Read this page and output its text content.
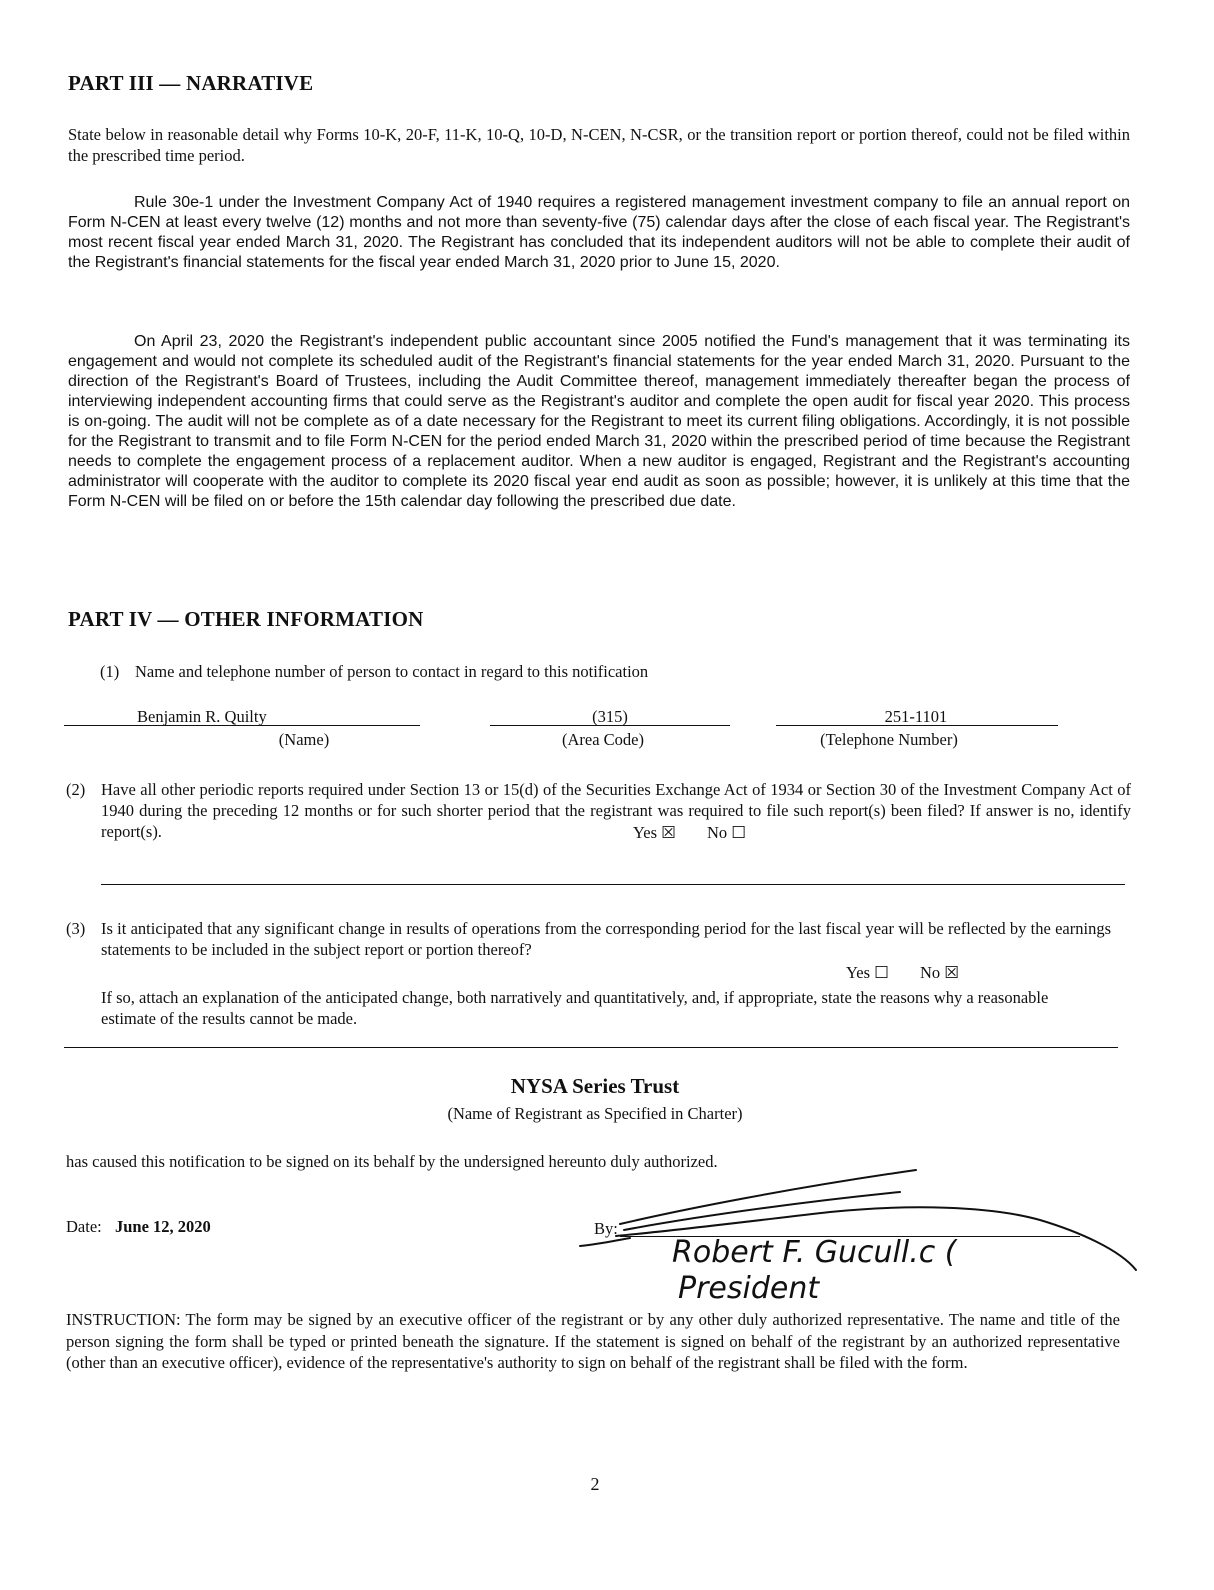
PART III — NARRATIVE
State below in reasonable detail why Forms 10-K, 20-F, 11-K, 10-Q, 10-D, N-CEN, N-CSR, or the transition report or portion thereof, could not be filed within the prescribed time period.

Rule 30e-1 under the Investment Company Act of 1940 requires a registered management investment company to file an annual report on Form N-CEN at least every twelve (12) months and not more than seventy-five (75) calendar days after the close of each fiscal year. The Registrant's most recent fiscal year ended March 31, 2020. The Registrant has concluded that its independent auditors will not be able to complete their audit of the Registrant's financial statements for the fiscal year ended March 31, 2020 prior to June 15, 2020.

On April 23, 2020 the Registrant's independent public accountant since 2005 notified the Fund's management that it was terminating its engagement and would not complete its scheduled audit of the Registrant's financial statements for the year ended March 31, 2020. Pursuant to the direction of the Registrant's Board of Trustees, including the Audit Committee thereof, management immediately thereafter began the process of interviewing independent accounting firms that could serve as the Registrant's auditor and complete the open audit for fiscal year 2020. This process is on-going. The audit will not be complete as of a date necessary for the Registrant to meet its current filing obligations. Accordingly, it is not possible for the Registrant to transmit and to file Form N-CEN for the period ended March 31, 2020 within the prescribed period of time because the Registrant needs to complete the engagement process of a replacement auditor. When a new auditor is engaged, Registrant and the Registrant's accounting administrator will cooperate with the auditor to complete its 2020 fiscal year end audit as soon as possible; however, it is unlikely at this time that the Form N-CEN will be filed on or before the 15th calendar day following the prescribed due date.

PART IV — OTHER INFORMATION
(1) Name and telephone number of person to contact in regard to this notification
Benjamin R. Quilty
(Name)
(315)
(Area Code)
251-1101
(Telephone Number)
(2) Have all other periodic reports required under Section 13 or 15(d) of the Securities Exchange Act of 1934 or Section 30 of the Investment Company Act of 1940 during the preceding 12 months or for such shorter period that the registrant was required to file such report(s) been filed? If answer is no, identify report(s).	Yes ☒ No ☐
(3) Is it anticipated that any significant change in results of operations from the corresponding period for the last fiscal year will be reflected by the earnings statements to be included in the subject report or portion thereof?
Yes ☐ No ☒
If so, attach an explanation of the anticipated change, both narratively and quantitatively, and, if appropriate, state the reasons why a reasonable estimate of the results cannot be made.
NYSA Series Trust
(Name of Registrant as Specified in Charter)
has caused this notification to be signed on its behalf by the undersigned hereunto duly authorized.
Date: June 12, 2020	By:
Robert F. Gucull.c (
President
INSTRUCTION: The form may be signed by an executive officer of the registrant or by any other duly authorized representative. The name and title of the person signing the form shall be typed or printed beneath the signature. If the statement is signed on behalf of the registrant by an authorized representative (other than an executive officer), evidence of the representative's authority to sign on behalf of the registrant shall be filed with the form.
2
